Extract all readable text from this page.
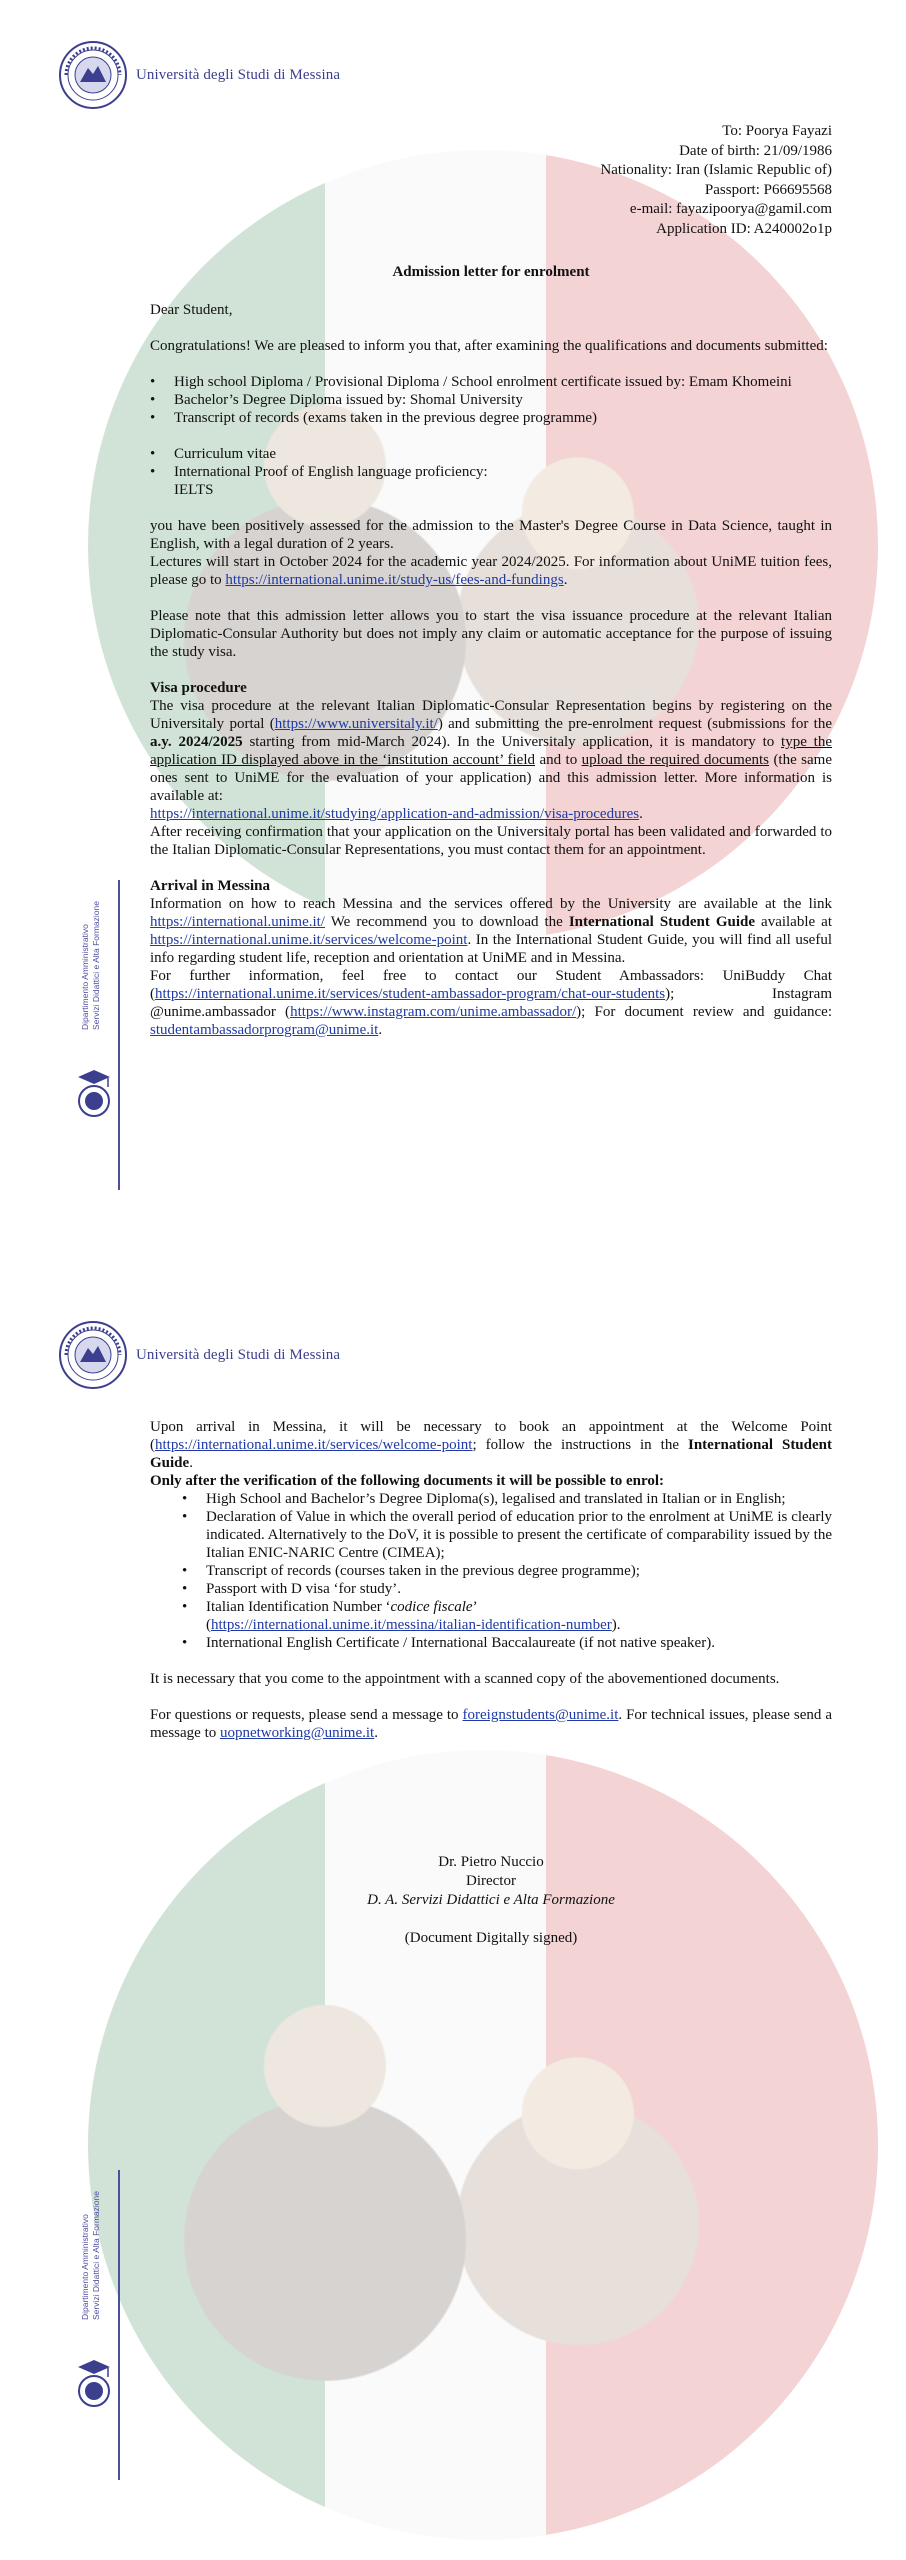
Università degli Studi di Messina
To: Poorya Fayazi
Date of birth: 21/09/1986
Nationality: Iran (Islamic Republic of)
Passport: P66695568
e-mail: fayazipoorya@gamil.com
Application ID: A240002o1p
Admission letter for enrolment

Dear Student,

Congratulations! We are pleased to inform you that, after examining the qualifications and documents submitted:

• High school Diploma / Provisional Diploma / School enrolment certificate issued by: Emam Khomeini
• Bachelor’s Degree Diploma issued by: Shomal University
• Transcript of records (exams taken in the previous degree programme)
• Curriculum vitae
• International Proof of English language proficiency:
IELTS

you have been positively assessed for the admission to the Master's Degree Course in Data Science, taught in English, with a legal duration of 2 years.
Lectures will start in October 2024 for the academic year 2024/2025. For information about UniME tuition fees, please go to https://international.unime.it/study-us/fees-and-fundings.

Please note that this admission letter allows you to start the visa issuance procedure at the relevant Italian Diplomatic-Consular Authority but does not imply any claim or automatic acceptance for the purpose of issuing the study visa.

Visa procedure

The visa procedure at the relevant Italian Diplomatic-Consular Representation begins by registering on the Universitaly portal (https://www.universitaly.it/) and submitting the pre-enrolment request (submissions for the a.y. 2024/2025 starting from mid-March 2024). In the Universitaly application, it is mandatory to type the application ID displayed above in the ‘institution account’ field and to upload the required documents (the same ones sent to UniME for the evaluation of your application) and this admission letter. More information is available at:
https://international.unime.it/studying/application-and-admission/visa-procedures.
After receiving confirmation that your application on the Universitaly portal has been validated and forwarded to the Italian Diplomatic-Consular Representations, you must contact them for an appointment.

Arrival in Messina

Information on how to reach Messina and the services offered by the University are available at the link https://international.unime.it/ We recommend you to download the International Student Guide available at https://international.unime.it/services/welcome-point. In the International Student Guide, you will find all useful info regarding student life, reception and orientation at UniME and in Messina.
For further information, feel free to contact our Student Ambassadors: UniBuddy Chat (https://international.unime.it/services/student-ambassador-program/chat-our-students); Instagram @unime.ambassador (https://www.instagram.com/unime.ambassador/); For document review and guidance: studentambassadorprogram@unime.it.

Dipartimento Amministrativo Servizi Didattici e Alta Formazione
Università degli Studi di Messina

Upon arrival in Messina, it will be necessary to book an appointment at the Welcome Point (https://international.unime.it/services/welcome-point; follow the instructions in the International Student Guide.
Only after the verification of the following documents it will be possible to enrol:

• High School and Bachelor’s Degree Diploma(s), legalised and translated in Italian or in English;
• Declaration of Value in which the overall period of education prior to the enrolment at UniME is clearly indicated. Alternatively to the DoV, it is possible to present the certificate of comparability issued by the Italian ENIC-NARIC Centre (CIMEA);
• Transcript of records (courses taken in the previous degree programme);
• Passport with D visa ‘for study’.
• Italian Identification Number ‘codice fiscale’
(https://international.unime.it/messina/italian-identification-number).
• International English Certificate / International Baccalaureate (if not native speaker).

It is necessary that you come to the appointment with a scanned copy of the abovementioned documents.

For questions or requests, please send a message to foreignstudents@unime.it. For technical issues, please send a message to uopnetworking@unime.it.

Dr. Pietro Nuccio
Director
D. A. Servizi Didattici e Alta Formazione
(Document Digitally signed)
Dipartimento Amministrativo Servizi Didattici e Alta Formazione
